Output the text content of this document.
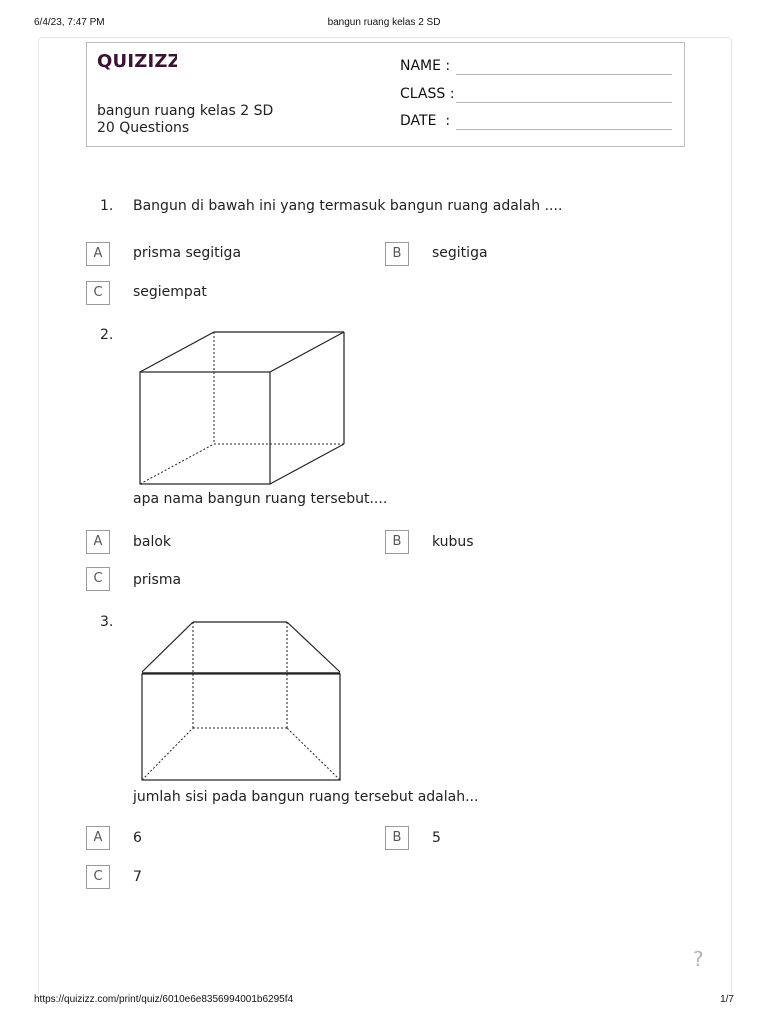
6/4/23, 7:47 PM	bangun ruang kelas 2 SD
QUIZIZZ
bangun ruang kelas 2 SD
20 Questions
NAME :
CLASS :
DATE  :
1. Bangun di bawah ini yang termasuk bangun ruang adalah ....
A	prisma segitiga	B	segitiga
C	segiempat
2.
apa nama bangun ruang tersebut....
A	balok	B	kubus
C	prisma
3.
jumlah sisi pada bangun ruang tersebut adalah...
A	6	B	5
C	7
?
https://quizizz.com/print/quiz/6010e6e8356994001b6295f4	1/7
